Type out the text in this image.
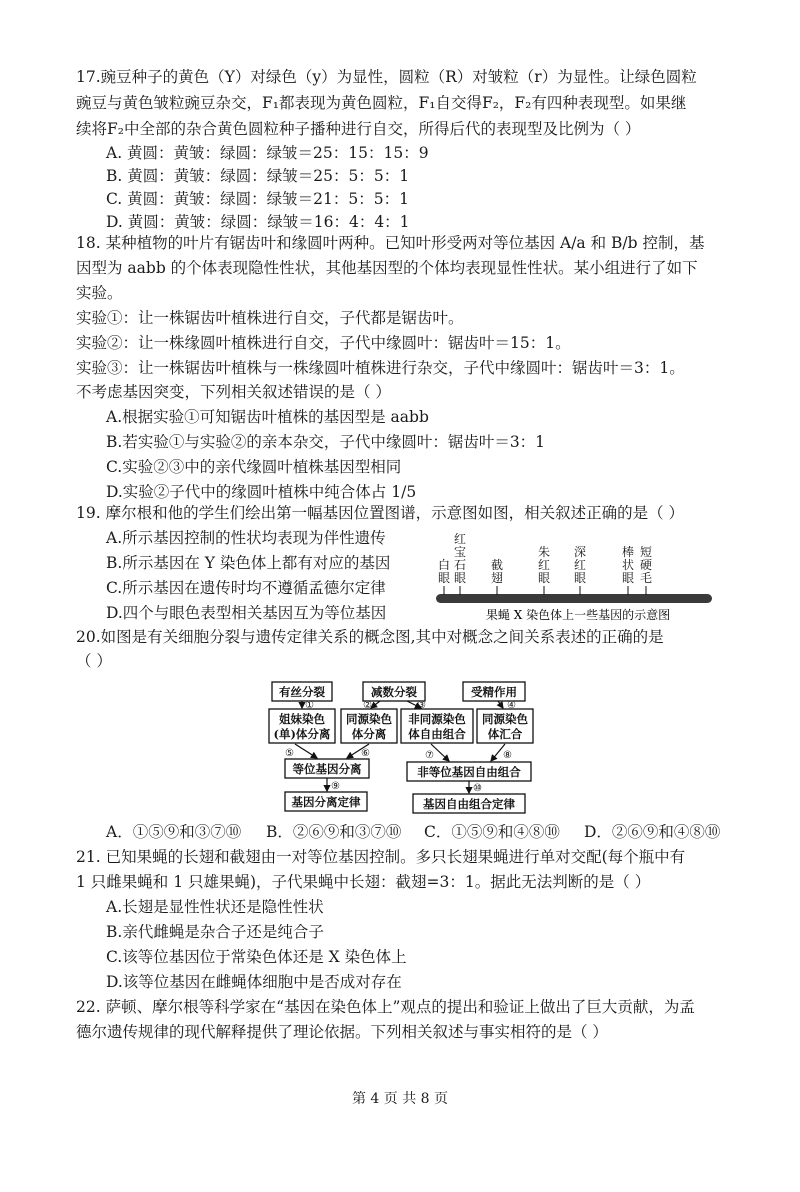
17.豌豆种子的黄色（Y）对绿色（y）为显性，圆粒（R）对皱粒（r）为显性。让绿色圆粒
豌豆与黄色皱粒豌豆杂交，F₁都表现为黄色圆粒，F₁自交得F₂，F₂有四种表现型。如果继
续将F₂中全部的杂合黄色圆粒种子播种进行自交，所得后代的表现型及比例为（ ）
A. 黄圆：黄皱：绿圆：绿皱＝25：15：15：9
B. 黄圆：黄皱：绿圆：绿皱＝25：5：5：1
C. 黄圆：黄皱：绿圆：绿皱＝21：5：5：1
D. 黄圆：黄皱：绿圆：绿皱＝16：4：4：1
18. 某种植物的叶片有锯齿叶和缘圆叶两种。已知叶形受两对等位基因 A/a 和 B/b 控制，基
因型为 aabb 的个体表现隐性性状，其他基因型的个体均表现显性性状。某小组进行了如下
实验。
实验①：让一株锯齿叶植株进行自交，子代都是锯齿叶。
实验②：让一株缘圆叶植株进行自交，子代中缘圆叶：锯齿叶＝15：1。
实验③：让一株锯齿叶植株与一株缘圆叶植株进行杂交，子代中缘圆叶：锯齿叶＝3：1。
不考虑基因突变，下列相关叙述错误的是（ ）
A.根据实验①可知锯齿叶植株的基因型是 aabb
B.若实验①与实验②的亲本杂交，子代中缘圆叶：锯齿叶＝3：1
C.实验②③中的亲代缘圆叶植株基因型相同
D.实验②子代中的缘圆叶植株中纯合体占 1/5
19. 摩尔根和他的学生们绘出第一幅基因位置图谱，示意图如图，相关叙述正确的是（ ）
A.所示基因控制的性状均表现为伴性遗传
B.所示基因在 Y 染色体上都有对应的基因
C.所示基因在遗传时均不遵循孟德尔定律
D.四个与眼色表型相关基因互为等位基因
白
眼
红
宝
石
眼
截
翅
朱
红
眼
深
红
眼
棒
状
眼
短
硬
毛
果蝇 X 染色体上一些基因的示意图
20.如图是有关细胞分裂与遗传定律关系的概念图,其中对概念之间关系表述的正确的是
（ ）
有丝分裂	减数分裂	受精作用
姐妹染色
(单)体分离
同源染色
体分离
非同源染色
体自由组合
同源染色
体汇合
①	②	③	④
等位基因分离	非等位基因自由组合
⑤	⑥	⑦	⑧
基因分离定律	基因自由组合定律
⑨	⑩
A．①⑤⑨和③⑦⑩ B．②⑥⑨和③⑦⑩ C．①⑤⑨和④⑧⑩ D．②⑥⑨和④⑧⑩
21. 已知果蝇的长翅和截翅由一对等位基因控制。多只长翅果蝇进行单对交配(每个瓶中有
1 只雌果蝇和 1 只雄果蝇)，子代果蝇中长翅：截翅=3：1。据此无法判断的是（ ）
A.长翅是显性性状还是隐性性状
B.亲代雌蝇是杂合子还是纯合子
C.该等位基因位于常染色体还是 X 染色体上
D.该等位基因在雌蝇体细胞中是否成对存在
22. 萨顿、摩尔根等科学家在“基因在染色体上”观点的提出和验证上做出了巨大贡献，为孟
德尔遗传规律的现代解释提供了理论依据。下列相关叙述与事实相符的是（ ）
第 4 页 共 8 页
